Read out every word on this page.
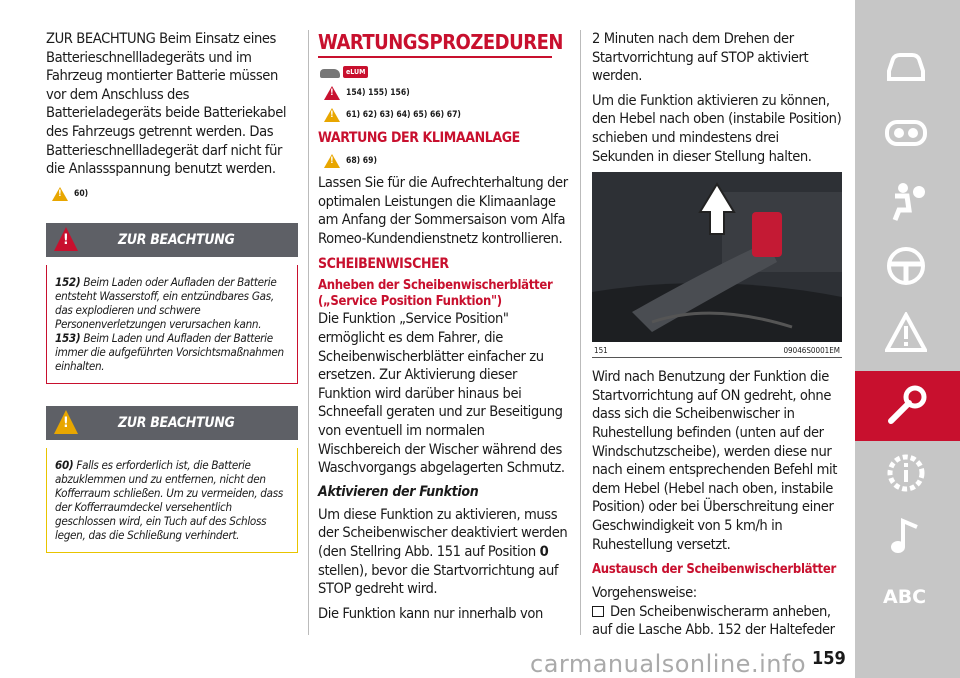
ZUR BEACHTUNG Beim Einsatz eines Batterieschnellladegeräts und im Fahrzeug montierter Batterie müssen vor dem Anschluss des Batterieladegeräts beide Batteriekabel des Fahrzeugs getrennt werden. Das Batterieschnellladegerät darf nicht für die Anlassspannung benutzt werden.

!
60)
!
ZUR BEACHTUNG

152) Beim Laden oder Aufladen der Batterie entsteht Wasserstoff, ein entzündbares Gas, das explodieren und schwere Personenverletzungen verursachen kann.

153) Beim Laden und Aufladen der Batterie immer die aufgeführten Vorsichtsmaßnahmen einhalten.

!
ZUR BEACHTUNG

60) Falls es erforderlich ist, die Batterie abzuklemmen und zu entfernen, nicht den Kofferraum schließen. Um zu vermeiden, dass der Kofferraumdeckel versehentlich geschlossen wird, ein Tuch auf des Schloss legen, das die Schließung verhindert.

WARTUNGSPROZEDUREN
eLUM
!
154) 155) 156)
!
61) 62) 63) 64) 65) 66) 67)
WARTUNG DER KLIMAANLAGE
!
68) 69)

Lassen Sie für die Aufrechterhaltung der optimalen Leistungen die Klimaanlage am Anfang der Sommersaison vom Alfa Romeo-Kundendienstnetz kontrollieren.

SCHEIBENWISCHER
Anheben der Scheibenwischerblätter („Service Position Funktion")

Die Funktion „Service Position" ermöglicht es dem Fahrer, die Scheibenwischerblätter einfacher zu ersetzen. Zur Aktivierung dieser Funktion wird darüber hinaus bei Schneefall geraten und zur Beseitigung von eventuell im normalen Wischbereich der Wischer während des Waschvorgangs abgelagerten Schmutz.

Aktivieren der Funktion

Um diese Funktion zu aktivieren, muss der Scheibenwischer deaktiviert werden (den Stellring Abb. 151 auf Position 0 stellen), bevor die Startvorrichtung auf STOP gedreht wird.

Die Funktion kann nur innerhalb von

2 Minuten nach dem Drehen der Startvorrichtung auf STOP aktiviert werden.

Um die Funktion aktivieren zu können, den Hebel nach oben (instabile Position) schieben und mindestens drei Sekunden in dieser Stellung halten.

151	09046S0001EM

Wird nach Benutzung der Funktion die Startvorrichtung auf ON gedreht, ohne dass sich die Scheibenwischer in Ruhestellung befinden (unten auf der Windschutzscheibe), werden diese nur nach einem entsprechenden Befehl mit dem Hebel (Hebel nach oben, instabile Position) oder bei Überschreitung einer Geschwindigkeit von 5 km/h in Ruhestellung versetzt.

Austausch der Scheibenwischerblätter

Vorgehensweise:

Den Scheibenwischerarm anheben, auf die Lasche Abb. 152 der Haltefeder

ABC
carmanualsonline.info 159
